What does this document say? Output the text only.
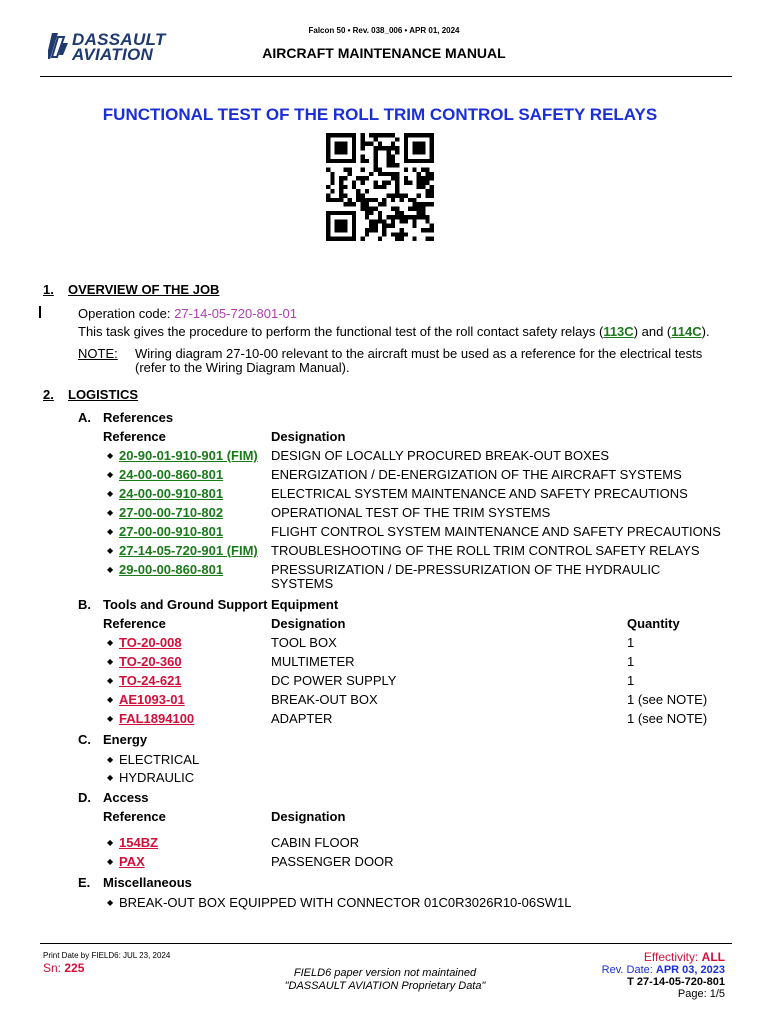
DASSAULT
AVIATION
Falcon 50 • Rev. 038_006 • APR 01, 2024
AIRCRAFT MAINTENANCE MANUAL
FUNCTIONAL TEST OF THE ROLL TRIM CONTROL SAFETY RELAYS
1. OVERVIEW OF THE JOB
Operation code: 27-14-05-720-801-01
This task gives the procedure to perform the functional test of the roll contact safety relays (113C) and (114C).
NOTE: Wiring diagram 27-10-00 relevant to the aircraft must be used as a reference for the electrical tests
(refer to the Wiring Diagram Manual).
2. LOGISTICS
A. References
Reference	Designation
◆ 20-90-01-910-901 (FIM) DESIGN OF LOCALLY PROCURED BREAK-OUT BOXES
◆ 24-00-00-860-801	ENERGIZATION / DE-ENERGIZATION OF THE AIRCRAFT SYSTEMS
◆ 24-00-00-910-801	ELECTRICAL SYSTEM MAINTENANCE AND SAFETY PRECAUTIONS
◆ 27-00-00-710-802	OPERATIONAL TEST OF THE TRIM SYSTEMS
◆ 27-00-00-910-801	FLIGHT CONTROL SYSTEM MAINTENANCE AND SAFETY PRECAUTIONS
◆ 27-14-05-720-901 (FIM) TROUBLESHOOTING OF THE ROLL TRIM CONTROL SAFETY RELAYS
◆ 29-00-00-860-801	PRESSURIZATION / DE-PRESSURIZATION OF THE HYDRAULIC
SYSTEMS
B. Tools and Ground Support Equipment
Reference	Designation	Quantity
◆ TO-20-008	TOOL BOX	1
◆ TO-20-360	MULTIMETER	1
◆ TO-24-621	DC POWER SUPPLY	1
◆ AE1093-01	BREAK-OUT BOX	1 (see NOTE)
◆ FAL1894100	ADAPTER	1 (see NOTE)
C. Energy
◆ ELECTRICAL
◆ HYDRAULIC
D. Access
Reference	Designation
◆ 154BZ	CABIN FLOOR
◆ PAX	PASSENGER DOOR
E. Miscellaneous
◆ BREAK-OUT BOX EQUIPPED WITH CONNECTOR 01C0R3026R10-06SW1L
Print Date by FIELD6: JUL 23, 2024
Sn: 225	FIELD6 paper version not maintained
"DASSAULT AVIATION Proprietary Data"
Effectivity: ALL
Rev. Date: APR 03, 2023
T 27-14-05-720-801
Page: 1/5
